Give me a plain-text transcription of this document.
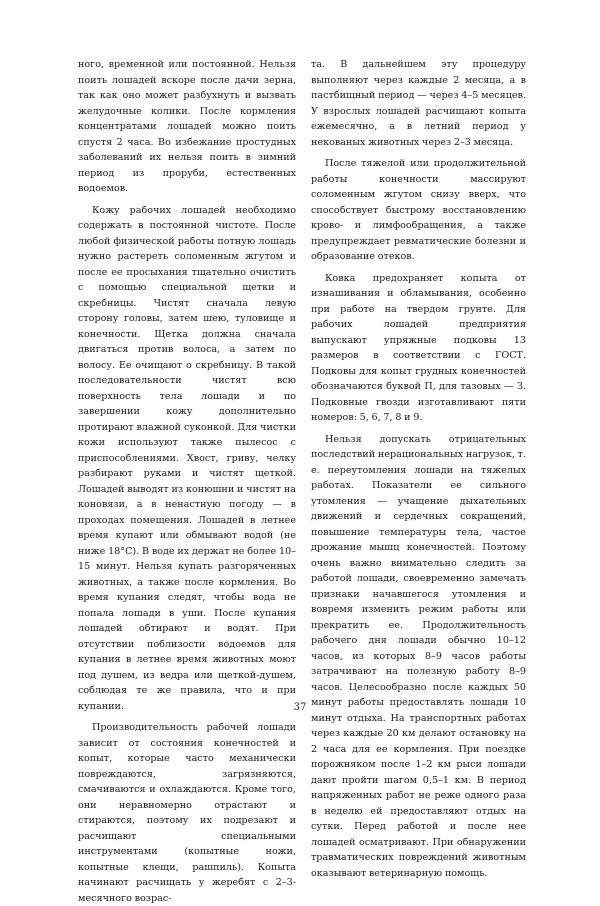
ного, временной или постоянной. Нельзя поить лошадей вскоре после дачи зерна, так как оно может разбухнуть и вызвать желудочные колики. После кормления концентратами лошадей можно поить спустя 2 часа. Во избежание простудных заболеваний их нельзя поить в зимний период из проруби, естественных водоемов.

Кожу рабочих лошадей необходимо содержать в постоянной чистоте. После любой физической работы потную лошадь нужно растереть соломенным жгутом и после ее просыхания тщательно очистить с помощью специальной щетки и скребницы. Чистят сначала левую сторону головы, затем шею, туловище и конечности. Щетка должна сначала двигаться против волоса, а затем по волосу. Ее очищают о скребницу. В такой последовательности чистят всю поверхность тела лошади и по завершении кожу дополнительно протирают влажной суконкой. Для чистки кожи используют также пылесос с приспособлениями. Хвост, гриву, челку разбирают руками и чистят щеткой. Лошадей выводят из конюшни и чистят на коновязи, а в ненастную погоду — в проходах помещения. Лошадей в летнее время купают или обмывают водой (не ниже 18°C). В воде их держат не более 10–15 минут. Нельзя купать разгоряченных животных, а также после кормления. Во время купания следят, чтобы вода не попала лошади в уши. После купания лошадей обтирают и водят. При отсутствии поблизости водоемов для купания в летнее время животных моют под душем, из ведра или щеткой-душем, соблюдая те же правила, что и при купании.

Производительность рабочей лошади зависит от состояния конечностей и копыт, которые часто механически повреждаются, загрязняются, смачиваются и охлаждаются. Кроме того, они неравномерно отрастают и стираются, поэтому их подрезают и расчищают специальными инструментами (копытные ножи, копытные клещи, рашпиль). Копыта начинают расчищать у жеребят с 2–3-месячного возрас-

та. В дальнейшем эту процедуру выполняют через каждые 2 месяца, а в пастбищный период — через 4–5 месяцев. У взрослых лошадей расчищают копыта ежемесячно, а в летний период у некованых животных через 2–3 месяца.

После тяжелой или продолжительной работы конечности массируют соломенным жгутом снизу вверх, что способствует быстрому восстановлению крово- и лимфообращения, а также предупреждает ревматические болезни и образование отеков.

Ковка предохраняет копыта от изнашивания и обламывания, особенно при работе на твердом грунте. Для рабочих лошадей предприятия выпускают упряжные подковы 13 размеров в соответствии с ГОСТ. Подковы для копыт грудных конечностей обозначаются буквой П, для тазовых — З. Подковные гвозди изготавливают пяти номеров: 5, 6, 7, 8 и 9.

Нельзя допускать отрицательных последствий нерациональных нагрузок, т. е. переутомления лошади на тяжелых работах. Показатели ее сильного утомления — учащение дыхательных движений и сердечных сокращений, повышение температуры тела, частое дрожание мышц конечностей. Поэтому очень важно внимательно следить за работой лошади, своевременно замечать признаки начавшегося утомления и вовремя изменить режим работы или прекратить ее. Продолжительность рабочего дня лошади обычно 10–12 часов, из которых 8–9 часов работы затрачивают на полезную работу 8–9 часов. Целесообразно после каждых 50 минут работы предоставлять лошади 10 минут отдыха. На транспортных работах через каждые 20 км делают остановку на 2 часа для ее кормления. При поездке порожняком после 1–2 км рыси лошади дают пройти шагом 0,5–1 км. В период напряженных работ не реже одного раза в неделю ей предоставляют отдых на сутки. Перед работой и после нее лошадей осматривают. При обнаружении травматических повреждений животным оказывают ветеринарную помощь.

37
